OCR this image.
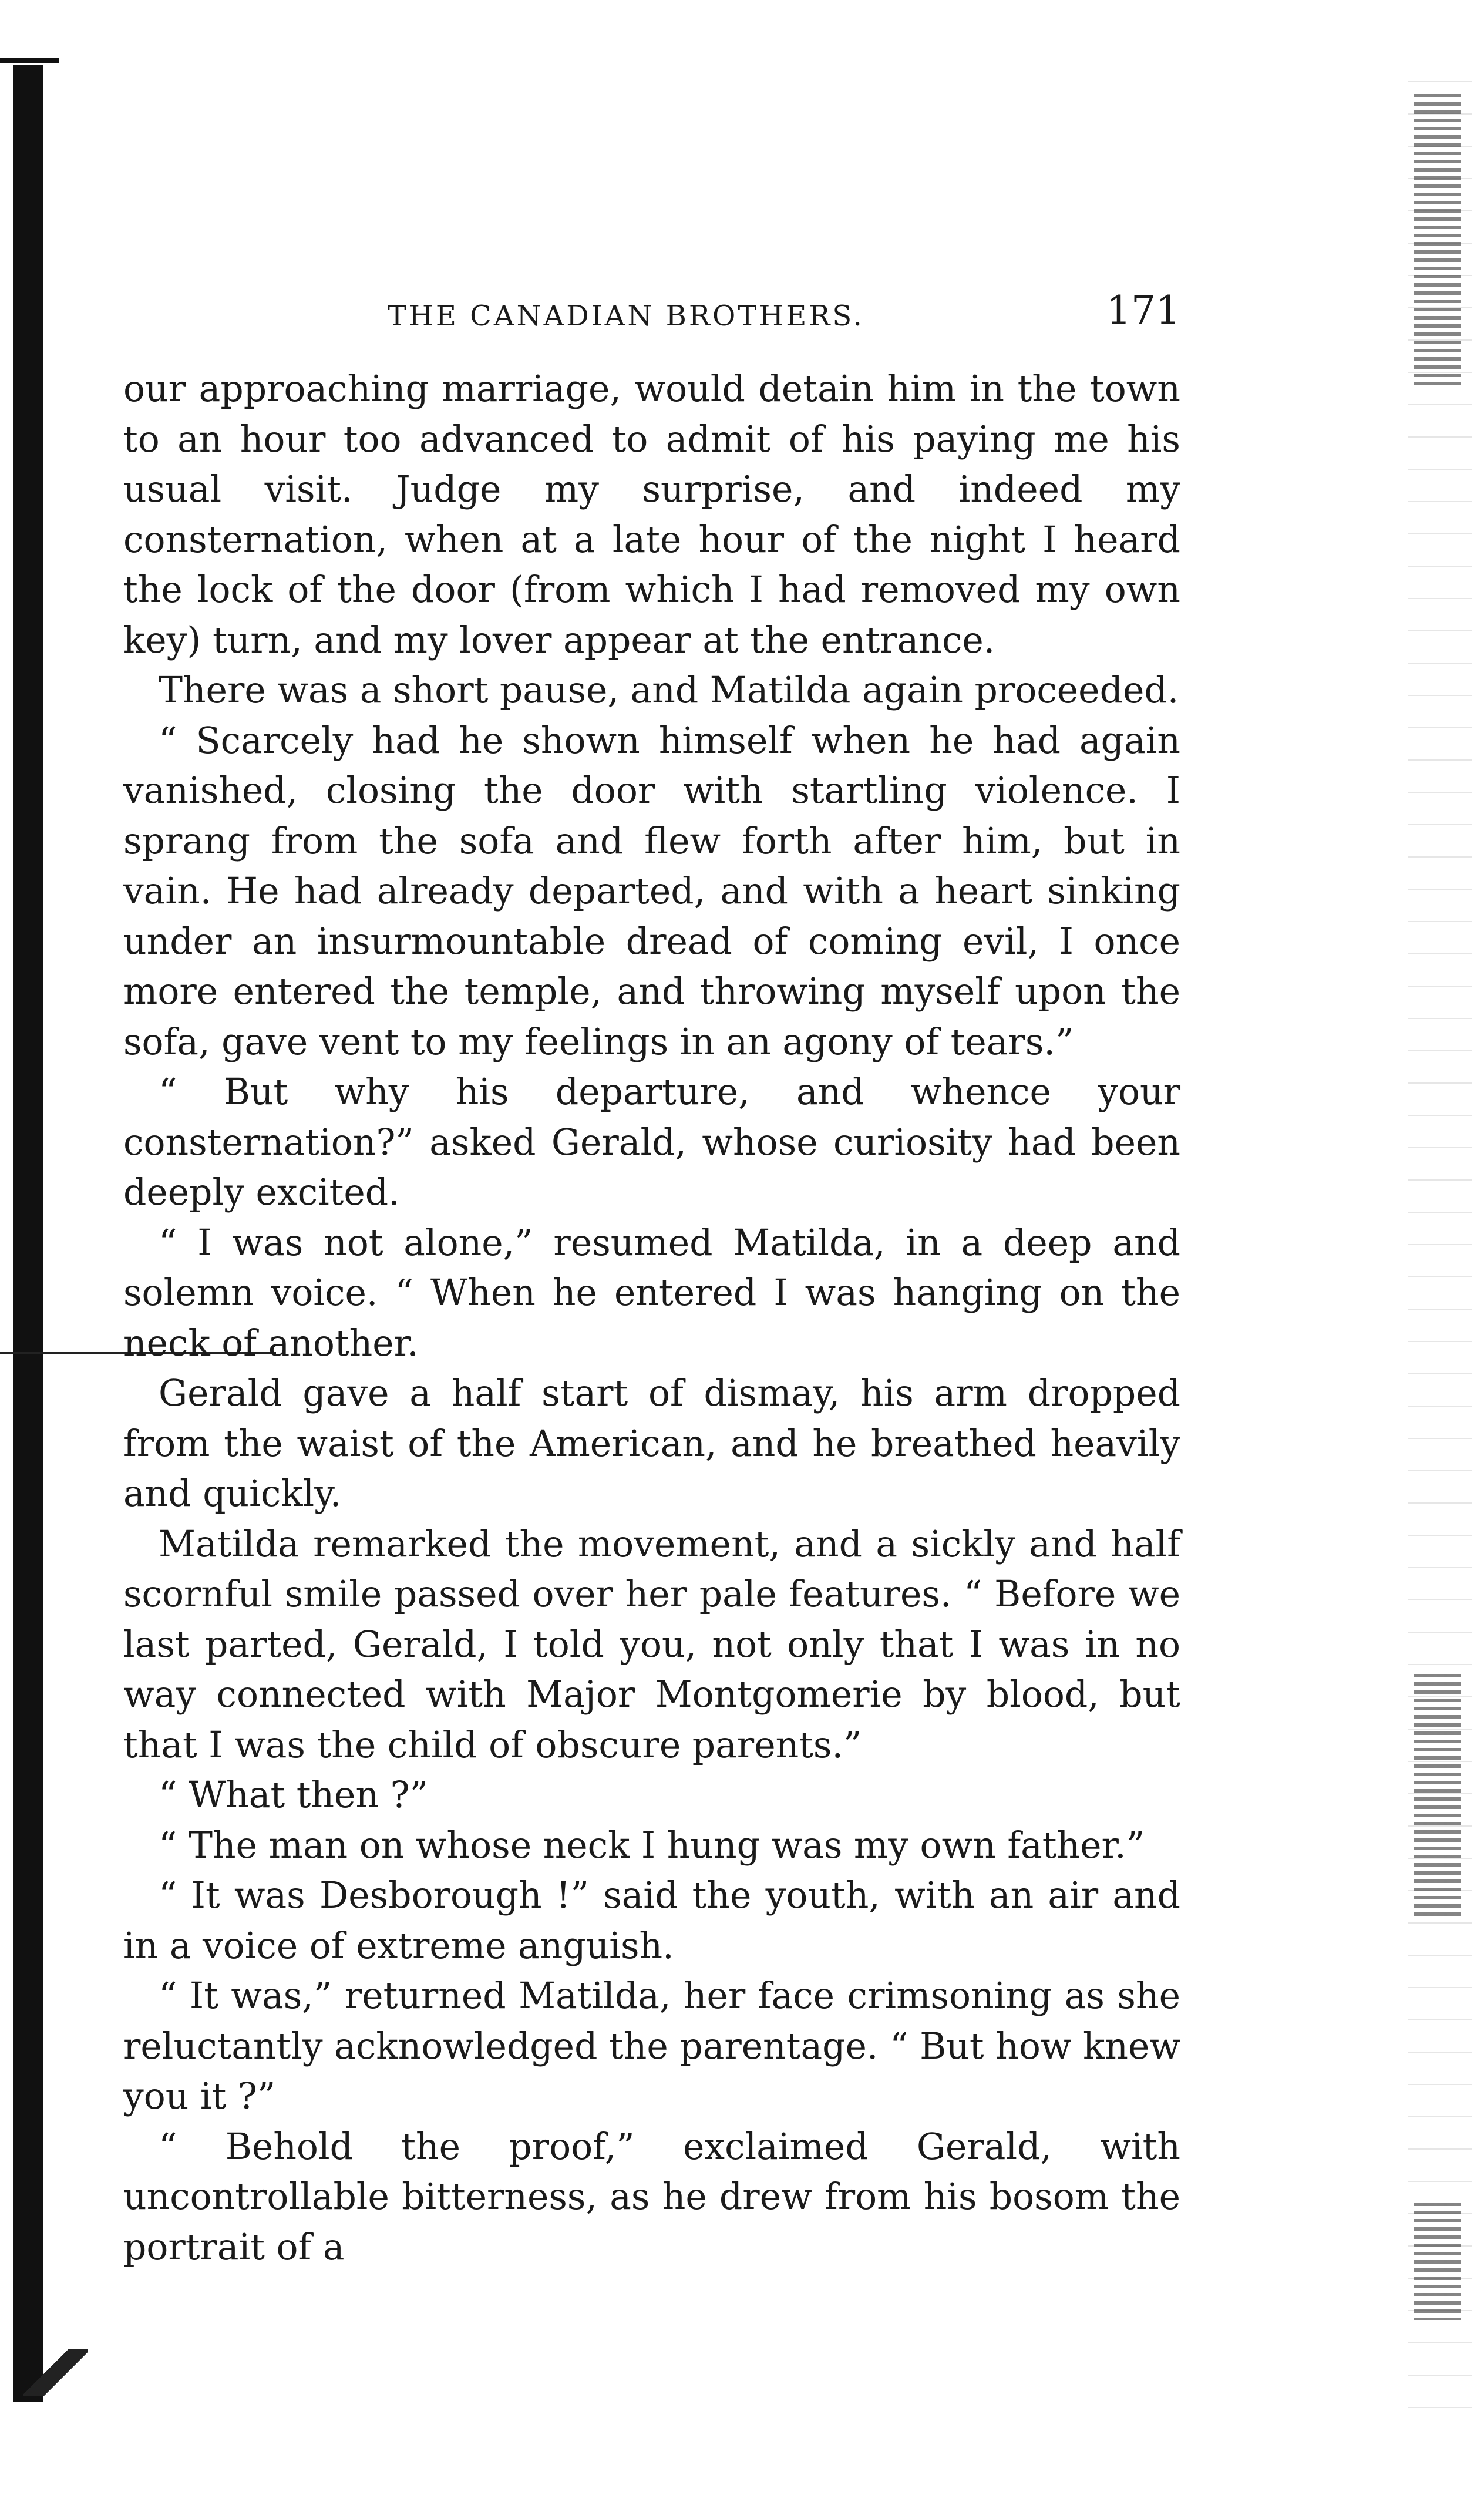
THE CANADIAN BROTHERS.	171

our approaching marriage, would detain him in the town to an hour too advanced to admit of his paying me his usual visit. Judge my surprise, and indeed my consternation, when at a late hour of the night I heard the lock of the door (from which I had removed my own key) turn, and my lover appear at the entrance.

There was a short pause, and Matilda again proceeded.

“ Scarcely had he shown himself when he had again vanished, closing the door with startling violence. I sprang from the sofa and flew forth after him, but in vain. He had already departed, and with a heart sinking under an insurmountable dread of coming evil, I once more entered the temple, and throwing myself upon the sofa, gave vent to my feelings in an agony of tears.”

“ But why his departure, and whence your consternation?” asked Gerald, whose curiosity had been deeply excited.

“ I was not alone,” resumed Matilda, in a deep and solemn voice. “ When he entered I was hanging on the neck of another.

Gerald gave a half start of dismay, his arm dropped from the waist of the American, and he breathed heavily and quickly.

Matilda remarked the movement, and a sickly and half scornful smile passed over her pale features. “ Before we last parted, Gerald, I told you, not only that I was in no way connected with Major Montgomerie by blood, but that I was the child of obscure parents.”

“ What then ?”

“ The man on whose neck I hung was my own father.”

“ It was Desborough !” said the youth, with an air and in a voice of extreme anguish.

“ It was,” returned Matilda, her face crimsoning as she reluctantly acknowledged the parentage. “ But how knew you it ?”

“ Behold the proof,” exclaimed Gerald, with uncontrollable bitterness, as he drew from his bosom the portrait of a
